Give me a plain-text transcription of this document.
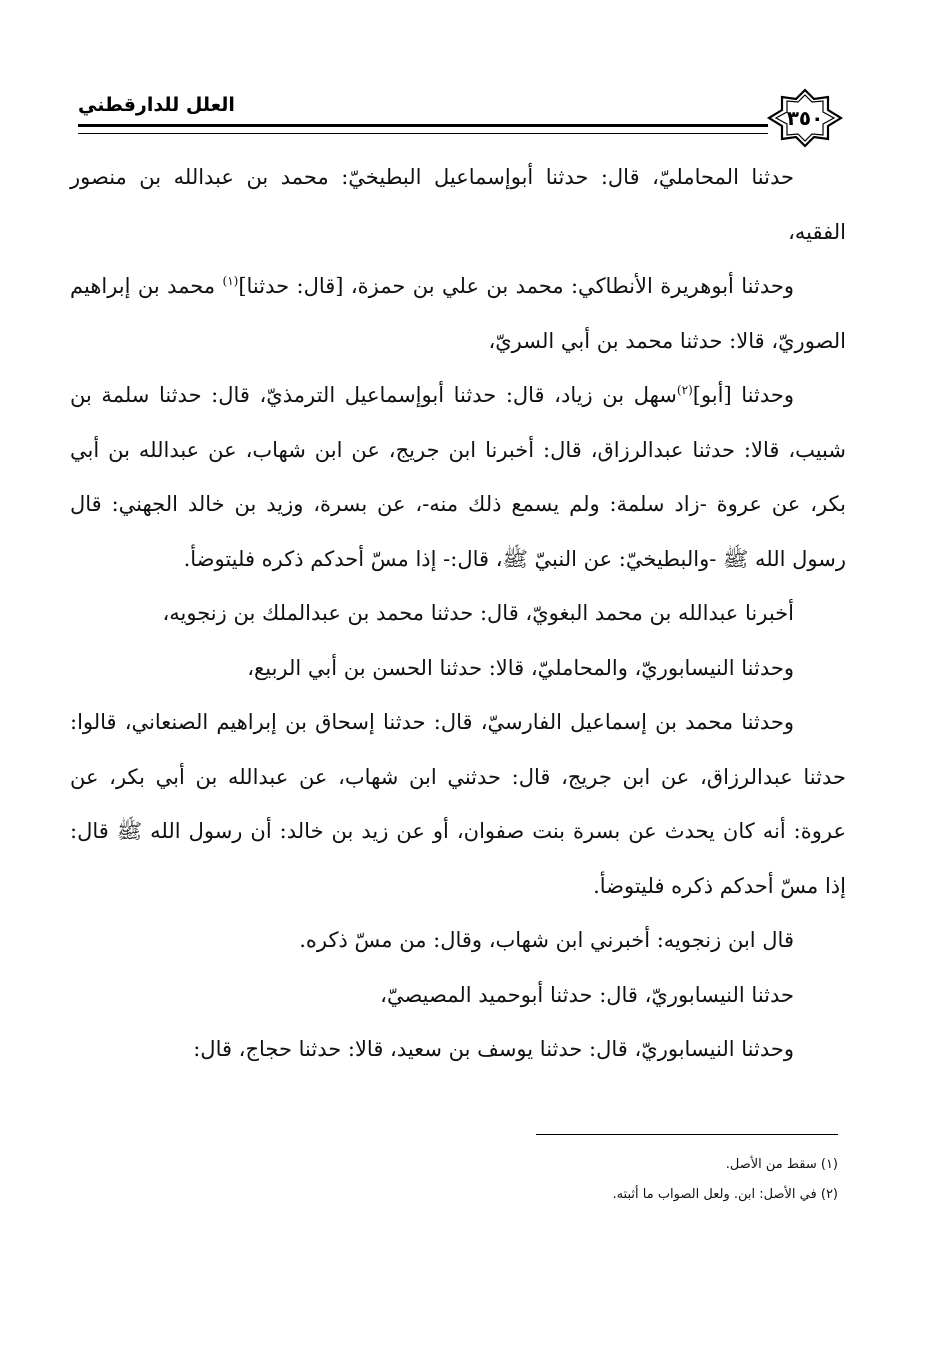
العلل للدارقطني
٣٥٠

حدثنا المحامليّ، قال: حدثنا أبوإسماعيل البطيخيّ: محمد بن عبدالله بن منصور الفقيه،

وحدثنا أبوهريرة الأنطاكي: محمد بن علي بن حمزة، [قال: حدثنا]$^{(١)}$ محمد بن إبراهيم الصوريّ، قالا: حدثنا محمد بن أبي السريّ،

وحدثنا [أبو]$^{(٢)}$سهل بن زياد، قال: حدثنا أبوإسماعيل الترمذيّ، قال: حدثنا سلمة بن شبيب، قالا: حدثنا عبدالرزاق، قال: أخبرنا ابن جريج، عن ابن شهاب، عن عبدالله بن أبي بكر، عن عروة -زاد سلمة: ولم يسمع ذلك منه-، عن بسرة، وزيد بن خالد الجهني: قال رسول الله ﷺ -والبطيخيّ: عن النبيّ ﷺ، قال:- إذا مسّ أحدكم ذكره فليتوضأ.

أخبرنا عبدالله بن محمد البغويّ، قال: حدثنا محمد بن عبدالملك بن زنجويه،

وحدثنا النيسابوريّ، والمحامليّ، قالا: حدثنا الحسن بن أبي الربيع،

وحدثنا محمد بن إسماعيل الفارسيّ، قال: حدثنا إسحاق بن إبراهيم الصنعاني، قالوا: حدثنا عبدالرزاق، عن ابن جريج، قال: حدثني ابن شهاب، عن عبدالله بن أبي بكر، عن عروة: أنه كان يحدث عن بسرة بنت صفوان، أو عن زيد بن خالد: أن رسول الله ﷺ قال: إذا مسّ أحدكم ذكره فليتوضأ.

قال ابن زنجويه: أخبرني ابن شهاب، وقال: من مسّ ذكره.

حدثنا النيسابوريّ، قال: حدثنا أبوحميد المصيصيّ،

وحدثنا النيسابوريّ، قال: حدثنا يوسف بن سعيد، قالا: حدثنا حجاج، قال:

(١) سقط من الأصل.
(٢) في الأصل: ابن. ولعل الصواب ما أثبته.
